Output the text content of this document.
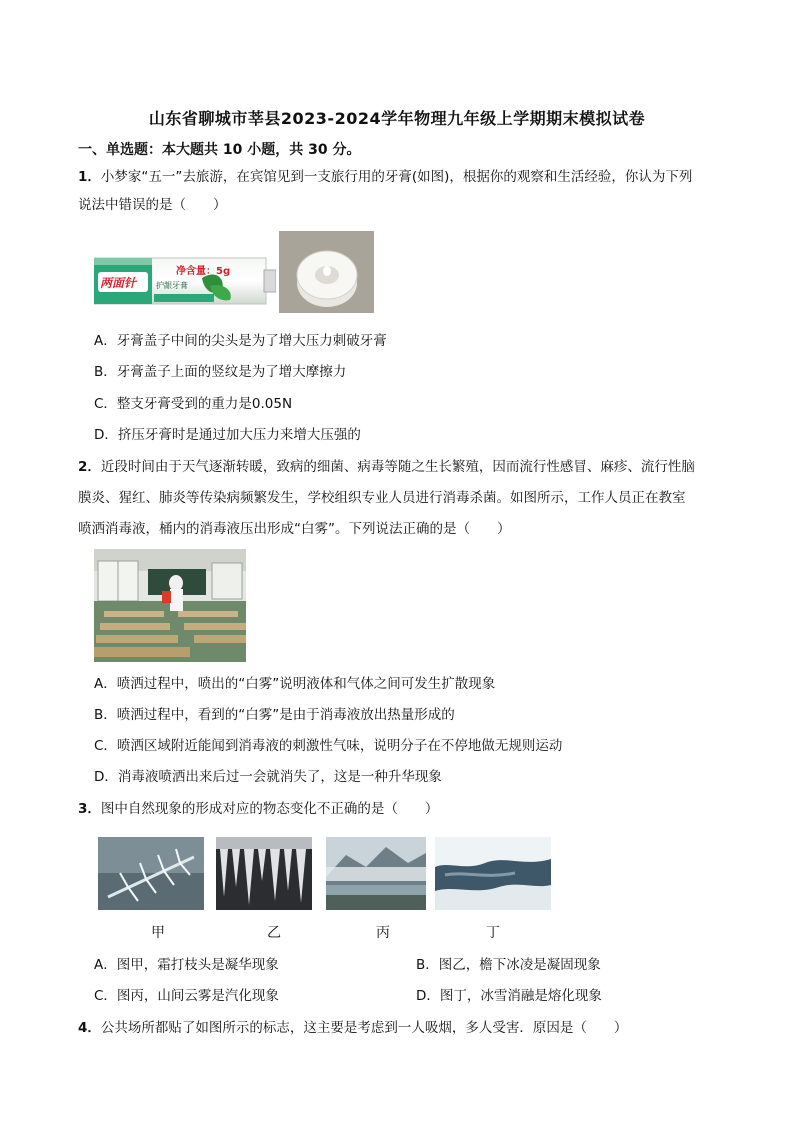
山东省聊城市莘县2023-2024学年物理九年级上学期期末模拟试卷
一、单选题：本大题共 10 小题，共 30 分。
1．小梦家“五一”去旅游，在宾馆见到一支旅行用的牙膏(如图)，根据你的观察和生活经验，你认为下列
说法中错误的是（　　）
两面针
净含量：5g
护龈牙膏
A．牙膏盖子中间的尖头是为了增大压力刺破牙膏
B．牙膏盖子上面的竖纹是为了增大摩擦力
C．整支牙膏受到的重力是0.05N
D．挤压牙膏时是通过加大压力来增大压强的
2．近段时间由于天气逐渐转暖，致病的细菌、病毒等随之生长繁殖，因而流行性感冒、麻疹、流行性脑
膜炎、猩红、肺炎等传染病频繁发生，学校组织专业人员进行消毒杀菌。如图所示，工作人员正在教室
喷洒消毒液，桶内的消毒液压出形成“白雾”。下列说法正确的是（　　）
A．喷洒过程中，喷出的“白雾”说明液体和气体之间可发生扩散现象
B．喷洒过程中，看到的“白雾”是由于消毒液放出热量形成的
C．喷洒区域附近能闻到消毒液的刺激性气味，说明分子在不停地做无规则运动
D．消毒液喷洒出来后过一会就消失了，这是一种升华现象
3．图中自然现象的形成对应的物态变化不正确的是（　　）
甲	乙	丙	丁
A．图甲，霜打枝头是凝华现象	B．图乙，檐下冰凌是凝固现象
C．图丙，山间云雾是汽化现象	D．图丁，冰雪消融是熔化现象
4．公共场所都贴了如图所示的标志，这主要是考虑到一人吸烟，多人受害．原因是（　　）
